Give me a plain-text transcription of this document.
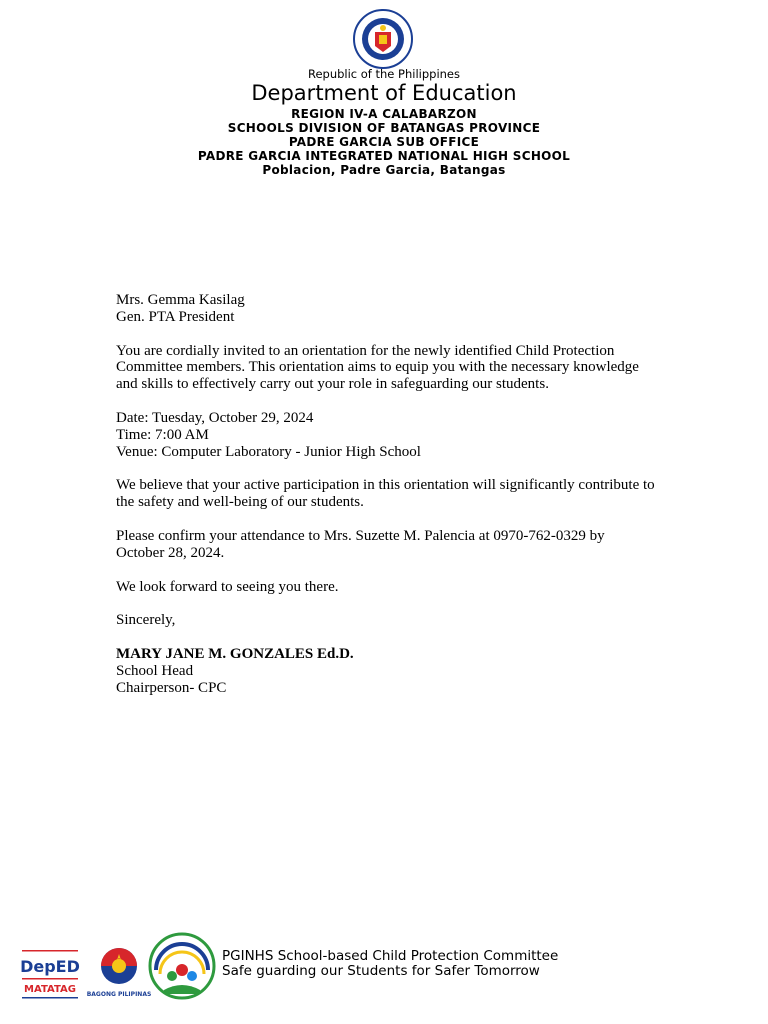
Republic of the Philippines
Department of Education
REGION IV-A CALABARZON
SCHOOLS DIVISION OF BATANGAS PROVINCE
PADRE GARCIA SUB OFFICE
PADRE GARCIA INTEGRATED NATIONAL HIGH SCHOOL
Poblacion, Padre Garcia, Batangas

Mrs. Gemma Kasilag
Gen. PTA President

You are cordially invited to an orientation for the newly identified Child Protection Committee members. This orientation aims to equip you with the necessary knowledge and skills to effectively carry out your role in safeguarding our students.

Date: Tuesday, October 29, 2024
Time: 7:00 AM
Venue: Computer Laboratory - Junior High School

We believe that your active participation in this orientation will significantly contribute to the safety and well-being of our students.

Please confirm your attendance to Mrs. Suzette M. Palencia at 0970-762-0329 by October 28, 2024.

We look forward to seeing you there.

Sincerely,

MARY JANE M. GONZALES Ed.D.
School Head
Chairperson- CPC

DepED
MATATAG BAGONG PILIPINAS
PGINHS School-based Child Protection Committee
Safe guarding our Students for Safer Tomorrow
